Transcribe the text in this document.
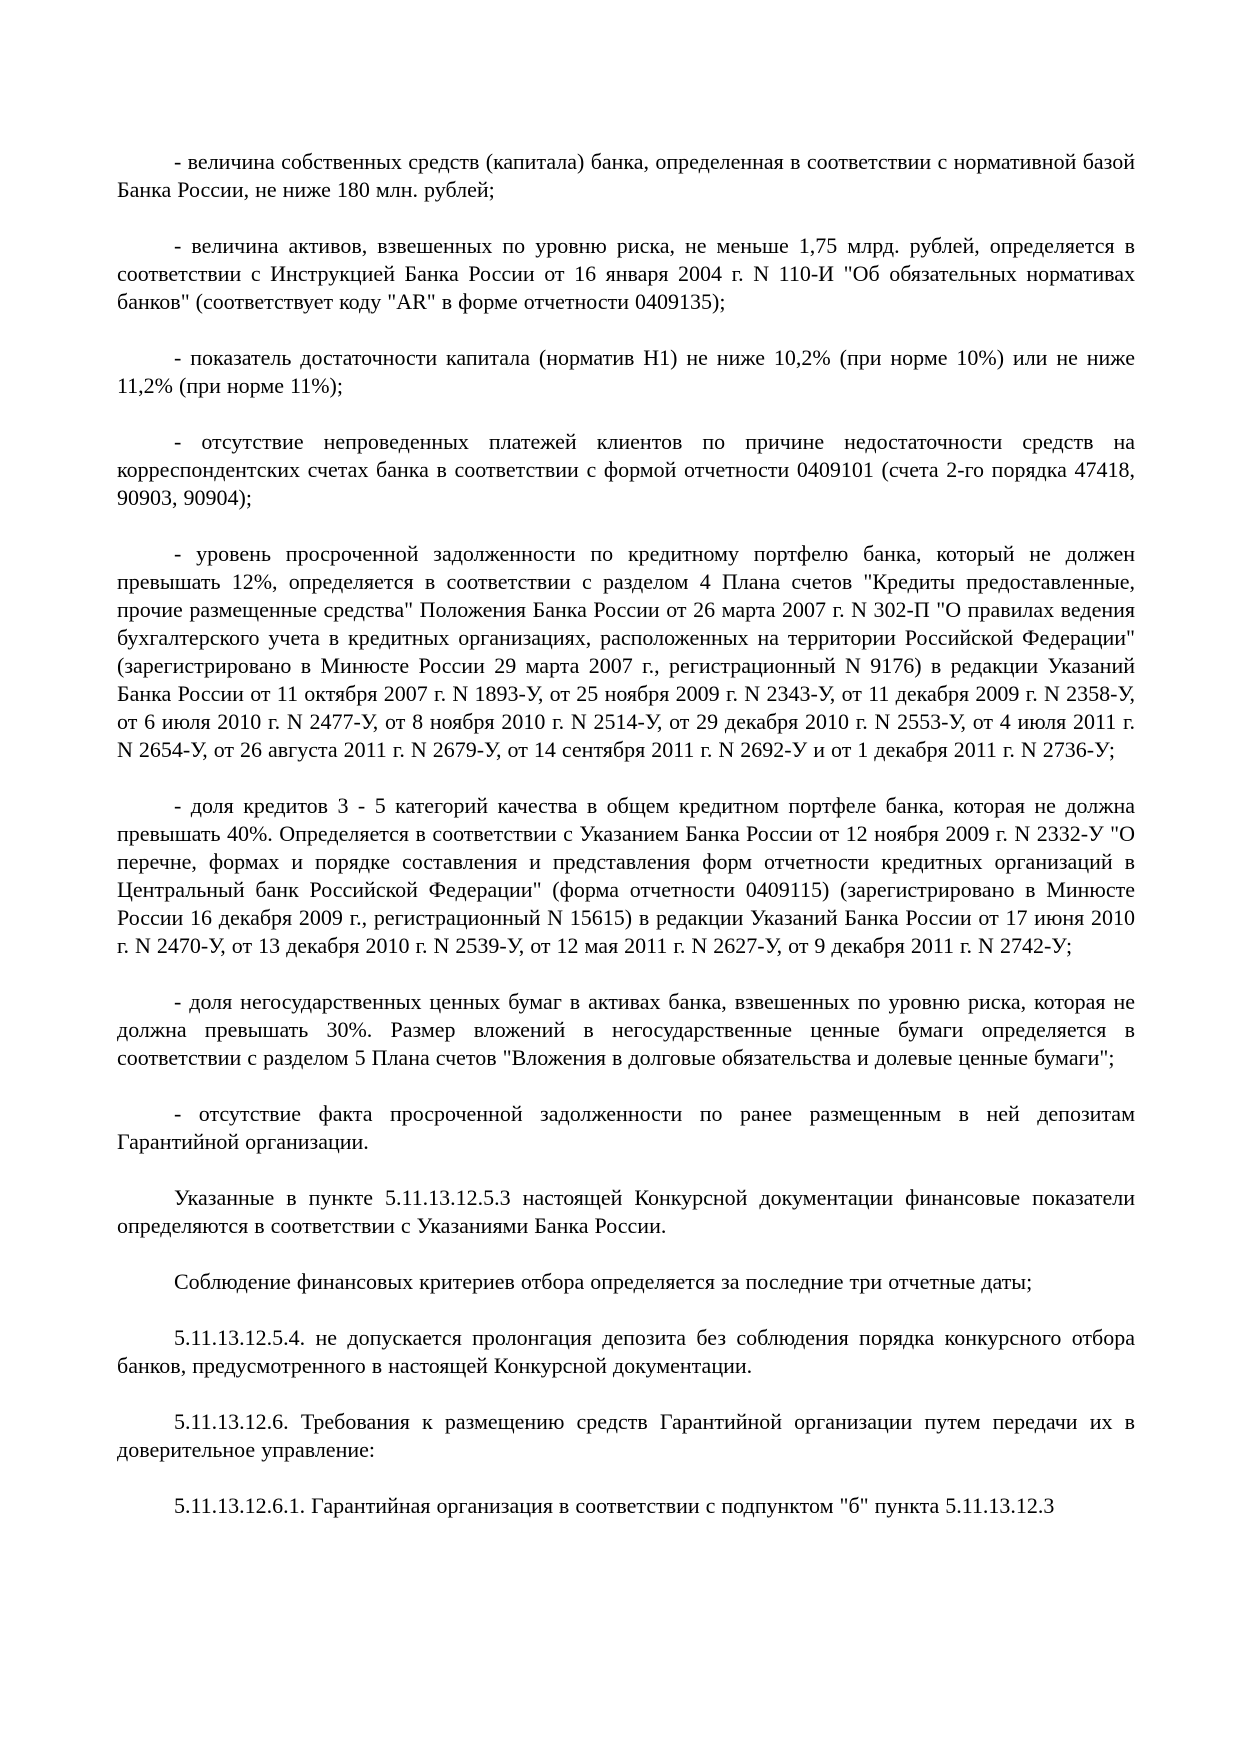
- величина собственных средств (капитала) банка, определенная в соответствии с нормативной базой Банка России, не ниже 180 млн. рублей;

- величина активов, взвешенных по уровню риска, не меньше 1,75 млрд. рублей, определяется в соответствии с Инструкцией Банка России от 16 января 2004 г. N 110-И "Об обязательных нормативах банков" (соответствует коду "AR" в форме отчетности 0409135);

- показатель достаточности капитала (норматив Н1) не ниже 10,2% (при норме 10%) или не ниже 11,2% (при норме 11%);

- отсутствие непроведенных платежей клиентов по причине недостаточности средств на корреспондентских счетах банка в соответствии с формой отчетности 0409101 (счета 2-го порядка 47418, 90903, 90904);

- уровень просроченной задолженности по кредитному портфелю банка, который не должен превышать 12%, определяется в соответствии с разделом 4 Плана счетов "Кредиты предоставленные, прочие размещенные средства" Положения Банка России от 26 марта 2007 г. N 302-П "О правилах ведения бухгалтерского учета в кредитных организациях, расположенных на территории Российской Федерации" (зарегистрировано в Минюсте России 29 марта 2007 г., регистрационный N 9176) в редакции Указаний Банка России от 11 октября 2007 г. N 1893-У, от 25 ноября 2009 г. N 2343-У, от 11 декабря 2009 г. N 2358-У, от 6 июля 2010 г. N 2477-У, от 8 ноября 2010 г. N 2514-У, от 29 декабря 2010 г. N 2553-У, от 4 июля 2011 г. N 2654-У, от 26 августа 2011 г. N 2679-У, от 14 сентября 2011 г. N 2692-У и от 1 декабря 2011 г. N 2736-У;

- доля кредитов 3 - 5 категорий качества в общем кредитном портфеле банка, которая не должна превышать 40%. Определяется в соответствии с Указанием Банка России от 12 ноября 2009 г. N 2332-У "О перечне, формах и порядке составления и представления форм отчетности кредитных организаций в Центральный банк Российской Федерации" (форма отчетности 0409115) (зарегистрировано в Минюсте России 16 декабря 2009 г., регистрационный N 15615) в редакции Указаний Банка России от 17 июня 2010 г. N 2470-У, от 13 декабря 2010 г. N 2539-У, от 12 мая 2011 г. N 2627-У, от 9 декабря 2011 г. N 2742-У;

- доля негосударственных ценных бумаг в активах банка, взвешенных по уровню риска, которая не должна превышать 30%. Размер вложений в негосударственные ценные бумаги определяется в соответствии с разделом 5 Плана счетов "Вложения в долговые обязательства и долевые ценные бумаги";

- отсутствие факта просроченной задолженности по ранее размещенным в ней депозитам Гарантийной организации.

Указанные в пункте 5.11.13.12.5.3 настоящей Конкурсной документации финансовые показатели определяются в соответствии с Указаниями Банка России.

Соблюдение финансовых критериев отбора определяется за последние три отчетные даты;

5.11.13.12.5.4. не допускается пролонгация депозита без соблюдения порядка конкурсного отбора банков, предусмотренного в настоящей Конкурсной документации.

5.11.13.12.6. Требования к размещению средств Гарантийной организации путем передачи их в доверительное управление:

5.11.13.12.6.1. Гарантийная организация в соответствии с подпунктом "б" пункта 5.11.13.12.3
